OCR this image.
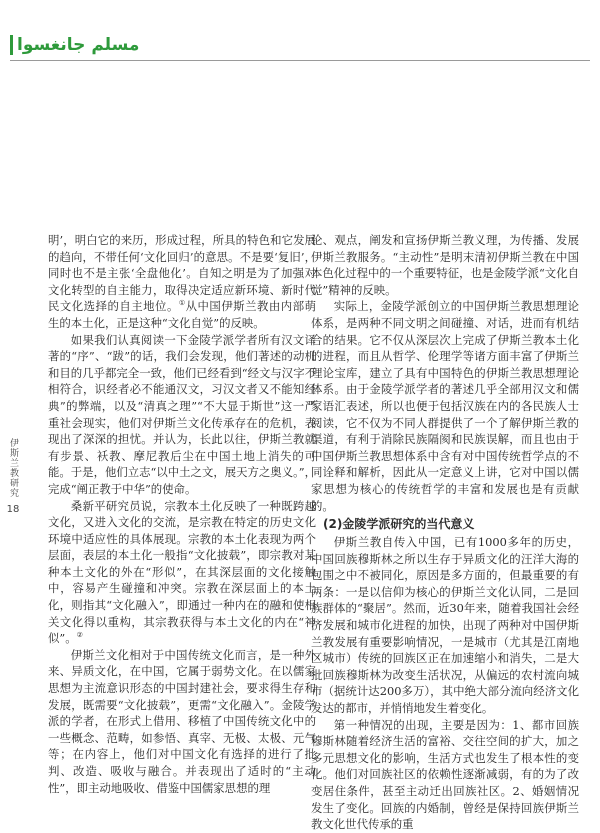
مسلم جانغسوا
伊斯兰教研究
18

明’，明白它的来历，形成过程，所具的特色和它发展的趋向，不带任何‘文化回归’的意思。不是要‘复旧’，同时也不是主张‘全盘他化’。自知之明是为了加强对文化转型的自主能力，取得决定适应新环境、新时代民文化选择的自主地位。①从中国伊斯兰教由内部萌生的本土化，正是这种“文化自觉”的反映。

如果我们认真阅读一下金陵学派学者所有汉文译著的“序”、“跋”的话，我们会发现，他们著述的动机和目的几乎都完全一致，他们已经看到“经文与汉字不相符合，识经者必不能通汉文，习汉文者又不能知经典”的弊端，以及“清真之理”“不大显于斯世”这一严重社会现实，他们对伊斯兰文化传承存在的危机，表现出了深深的担忧。并认为，长此以往，伊斯兰教就有步景、袄教、摩尼教后尘在中国土地上消失的可能。于是，他们立志“以中土之文，展天方之奥义。”，完成“阐正教于中华”的使命。

桑新平研究员说，宗教本土化反映了一种既跨越文化，又进入文化的交流，是宗教在特定的历史文化环境中适应性的具体展现。宗教的本土化表现为两个层面，表层的本土化一般指“文化披载”，即宗教对某种本土文化的外在“形似”，在其深层面的文化接触中，容易产生碰撞和冲突。宗教在深层面上的本土化，则指其“文化融入”，即通过一种内在的融和使相关文化得以重构，其宗教获得与本土文化的内在“神似”。②

伊斯兰文化相对于中国传统文化而言，是一种外来、异质文化，在中国，它属于弱势文化。在以儒家思想为主流意识形态的中国封建社会，要求得生存和发展，既需要“文化披载”，更需“文化融入”。金陵学派的学者，在形式上借用、移植了中国传统文化中的一些概念、范畴，如参悟、真宰、无极、太极、元气等；在内容上，他们对中国文化有选择的进行了批判、改造、吸收与融合。并表现出了适时的“主动性”，即主动地吸收、借鉴中国儒家思想的理

论、观点，阐发和宣扬伊斯兰教义理，为传播、发展伊斯兰教服务。“主动性”是明末清初伊斯兰教在中国本色化过程中的一个重要特征，也是金陵学派“文化自觉”精神的反映。

实际上，金陵学派创立的中国伊斯兰教思想理论体系，是两种不同文明之间碰撞、对话，进而有机结合的结果。它不仅从深层次上完成了伊斯兰教本土化的进程，而且从哲学、伦理学等诸方面丰富了伊斯兰理论宝库，建立了具有中国特色的伊斯兰教思想理论体系。由于金陵学派学者的著述几乎全部用汉文和儒家语汇表述，所以也便于包括汉族在内的各民族人士阅读，它不仅为不同人群提供了一个了解伊斯兰教的渠道，有利于消除民族隔阂和民族误解，而且也由于中国伊斯兰教思想体系中含有对中国传统哲学点的不同诠释和解析，因此从一定意义上讲，它对中国以儒家思想为核心的传统哲学的丰富和发展也是有贡献的。

(2)金陵学派研究的当代意义

伊斯兰教自传入中国，已有1000多年的历史，中国回族穆斯林之所以生存于异质文化的汪洋大海的包围之中不被同化，原因是多方面的，但最重要的有两条：一是以信仰为核心的伊斯兰文化认同，二是回族群体的“聚居”。然而，近30年来，随着我国社会经济发展和城市化进程的加快，出现了两种对中国伊斯兰教发展有重要影响情况，一是城市（尤其是江南地区城市）传统的回族区正在加速缩小和消失，二是大批回族穆斯林为改变生活状况，从偏远的农村流向城市（据统计达200多万），其中绝大部分流向经济文化发达的都市，并悄悄地发生着变化。

第一种情况的出现，主要是因为：1、都市回族穆斯林随着经济生活的富裕、交往空间的扩大，加之多元思想文化的影响，生活方式也发生了根本性的变化。他们对回族社区的依赖性逐渐减弱，有的为了改变居住条件，甚至主动迁出回族社区。2、婚姻情况发生了变化。回族的内婚制，曾经是保持回族伊斯兰教文化世代传承的重
